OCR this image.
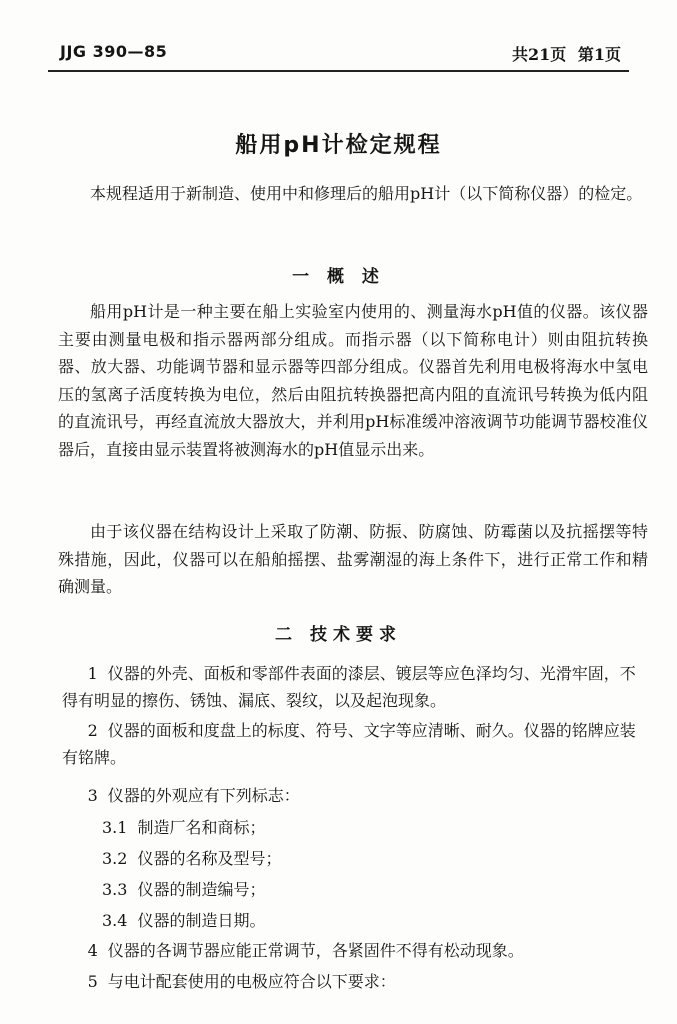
JJG 390—85	共21页 第1页
船用pH计检定规程

本规程适用于新制造、使用中和修理后的船用pH计（以下简称仪器）的检定。

一 概 述

船用pH计是一种主要在船上实验室内使用的、测量海水pH值的仪器。该仪器主要由测量电极和指示器两部分组成。而指示器（以下简称电计）则由阻抗转换器、放大器、功能调节器和显示器等四部分组成。仪器首先利用电极将海水中氢电压的氢离子活度转换为电位，然后由阻抗转换器把高内阻的直流讯号转换为低内阻的直流讯号，再经直流放大器放大，并利用pH标准缓冲溶液调节功能调节器校准仪器后，直接由显示装置将被测海水的pH值显示出来。

由于该仪器在结构设计上采取了防潮、防振、防腐蚀、防霉菌以及抗摇摆等特殊措施，因此，仪器可以在船舶摇摆、盐雾潮湿的海上条件下，进行正常工作和精确测量。

二 技术要求

1 仪器的外壳、面板和零部件表面的漆层、镀层等应色泽均匀、光滑牢固，不得有明显的擦伤、锈蚀、漏底、裂纹，以及起泡现象。

2 仪器的面板和度盘上的标度、符号、文字等应清晰、耐久。仪器的铭牌应装有铭牌。

3 仪器的外观应有下列标志：

3.1 制造厂名和商标；

3.2 仪器的名称及型号；

3.3 仪器的制造编号；

3.4 仪器的制造日期。

4 仪器的各调节器应能正常调节，各紧固件不得有松动现象。

5 与电计配套使用的电极应符合以下要求：
